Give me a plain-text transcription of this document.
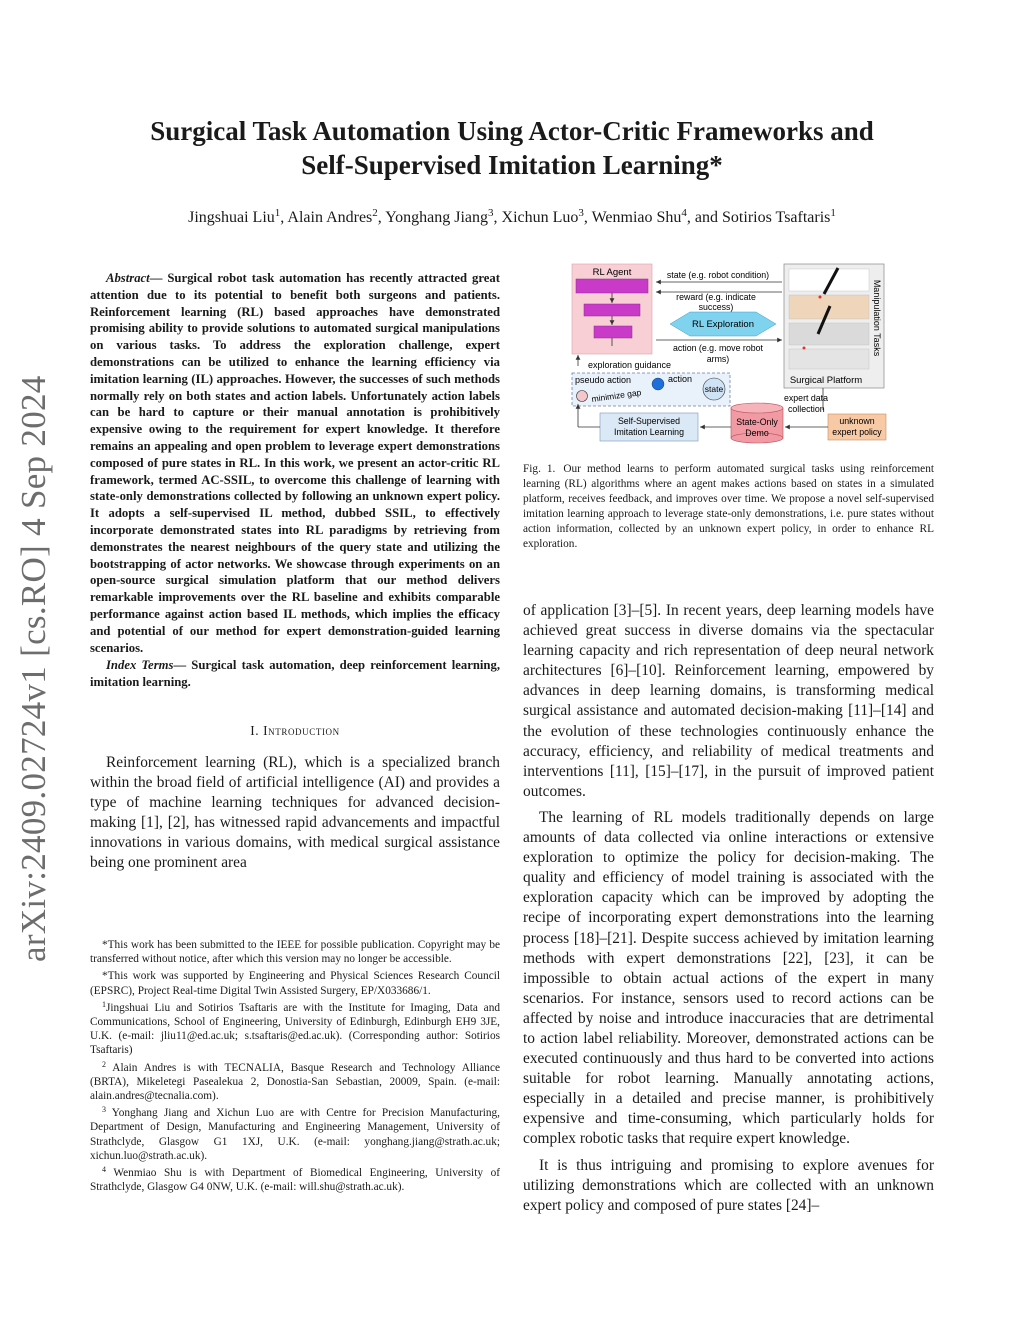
arXiv:2409.02724v1 [cs.RO] 4 Sep 2024
Surgical Task Automation Using Actor-Critic Frameworks and
Self-Supervised Imitation Learning*
Jingshuai Liu$^1$, Alain Andres$^2$, Yonghang Jiang$^3$, Xichun Luo$^3$, Wenmiao Shu$^4$, and Sotirios Tsaftaris$^1$

Abstract— Surgical robot task automation has recently attracted great attention due to its potential to benefit both surgeons and patients. Reinforcement learning (RL) based approaches have demonstrated promising ability to provide solutions to automated surgical manipulations on various tasks. To address the exploration challenge, expert demonstrations can be utilized to enhance the learning efficiency via imitation learning (IL) approaches. However, the successes of such methods normally rely on both states and action labels. Unfortunately action labels can be hard to capture or their manual annotation is prohibitively expensive owing to the requirement for expert knowledge. It therefore remains an appealing and open problem to leverage expert demonstrations composed of pure states in RL. In this work, we present an actor-critic RL framework, termed AC-SSIL, to overcome this challenge of learning with state-only demonstrations collected by following an unknown expert policy. It adopts a self-supervised IL method, dubbed SSIL, to effectively incorporate demonstrated states into RL paradigms by retrieving from demonstrates the nearest neighbours of the query state and utilizing the bootstrapping of actor networks. We showcase through experiments on an open-source surgical simulation platform that our method delivers remarkable improvements over the RL baseline and exhibits comparable performance against action based IL methods, which implies the efficacy and potential of our method for expert demonstration-guided learning scenarios.

Index Terms— Surgical task automation, deep reinforcement learning, imitation learning.

I. Introduction

Reinforcement learning (RL), which is a specialized branch within the broad field of artificial intelligence (AI) and provides a type of machine learning techniques for advanced decision-making [1], [2], has witnessed rapid advancements and impactful innovations in various domains, with medical surgical assistance being one prominent area

*This work has been submitted to the IEEE for possible publication. Copyright may be transferred without notice, after which this version may no longer be accessible.

*This work was supported by Engineering and Physical Sciences Research Council (EPSRC), Project Real-time Digital Twin Assisted Surgery, EP/X033686/1.

$^1$Jingshuai Liu and Sotirios Tsaftaris are with the Institute for Imaging, Data and Communications, School of Engineering, University of Edinburgh, Edinburgh EH9 3JE, U.K. (e-mail: jliu11@ed.ac.uk; s.tsaftaris@ed.ac.uk). (Corresponding author: Sotirios Tsaftaris)

$^2$ Alain Andres is with TECNALIA, Basque Research and Technology Alliance (BRTA), Mikeletegi Pasealekua 2, Donostia-San Sebastian, 20009, Spain. (e-mail: alain.andres@tecnalia.com).

$^3$ Yonghang Jiang and Xichun Luo are with Centre for Precision Manufacturing, Department of Design, Manufacturing and Engineering Management, University of Strathclyde, Glasgow G1 1XJ, U.K. (e-mail: yonghang.jiang@strath.ac.uk; xichun.luo@strath.ac.uk).

$^4$ Wenmiao Shu is with Department of Biomedical Engineering, University of Strathclyde, Glasgow G4 0NW, U.K. (e-mail: will.shu@strath.ac.uk).

RL Agent	state (e.g. robot condition)
reward (e.g. indicate success)
RL Exploration
action (e.g. move robot arms)
Manipulation Tasks
Surgical Platform
exploration guidance
pseudo action
minimize gap
action
state
expert data collection
Self-Supervised Imitation Learning
State-Only Demo
unknown expert policy

Fig. 1. Our method learns to perform automated surgical tasks using reinforcement learning (RL) algorithms where an agent makes actions based on states in a simulated platform, receives feedback, and improves over time. We propose a novel self-supervised imitation learning approach to leverage state-only demonstrations, i.e. pure states without action information, collected by an unknown expert policy, in order to enhance RL exploration.

of application [3]–[5]. In recent years, deep learning models have achieved great success in diverse domains via the spectacular learning capacity and rich representation of deep neural network architectures [6]–[10]. Reinforcement learning, empowered by advances in deep learning domains, is transforming medical surgical assistance and automated decision-making [11]–[14] and the evolution of these technologies continuously enhance the accuracy, efficiency, and reliability of medical treatments and interventions [11], [15]–[17], in the pursuit of improved patient outcomes.

The learning of RL models traditionally depends on large amounts of data collected via online interactions or extensive exploration to optimize the policy for decision-making. The quality and efficiency of model training is associated with the exploration capacity which can be improved by adopting the recipe of incorporating expert demonstrations into the learning process [18]–[21]. Despite success achieved by imitation learning methods with expert demonstrations [22], [23], it can be impossible to obtain actual actions of the expert in many scenarios. For instance, sensors used to record actions can be affected by noise and introduce inaccuracies that are detrimental to action label reliability. Moreover, demonstrated actions can be executed continuously and thus hard to be converted into actions suitable for robot learning. Manually annotating actions, especially in a detailed and precise manner, is prohibitively expensive and time-consuming, which particularly holds for complex robotic tasks that require expert knowledge.

It is thus intriguing and promising to explore avenues for utilizing demonstrations which are collected with an unknown expert policy and composed of pure states [24]–
